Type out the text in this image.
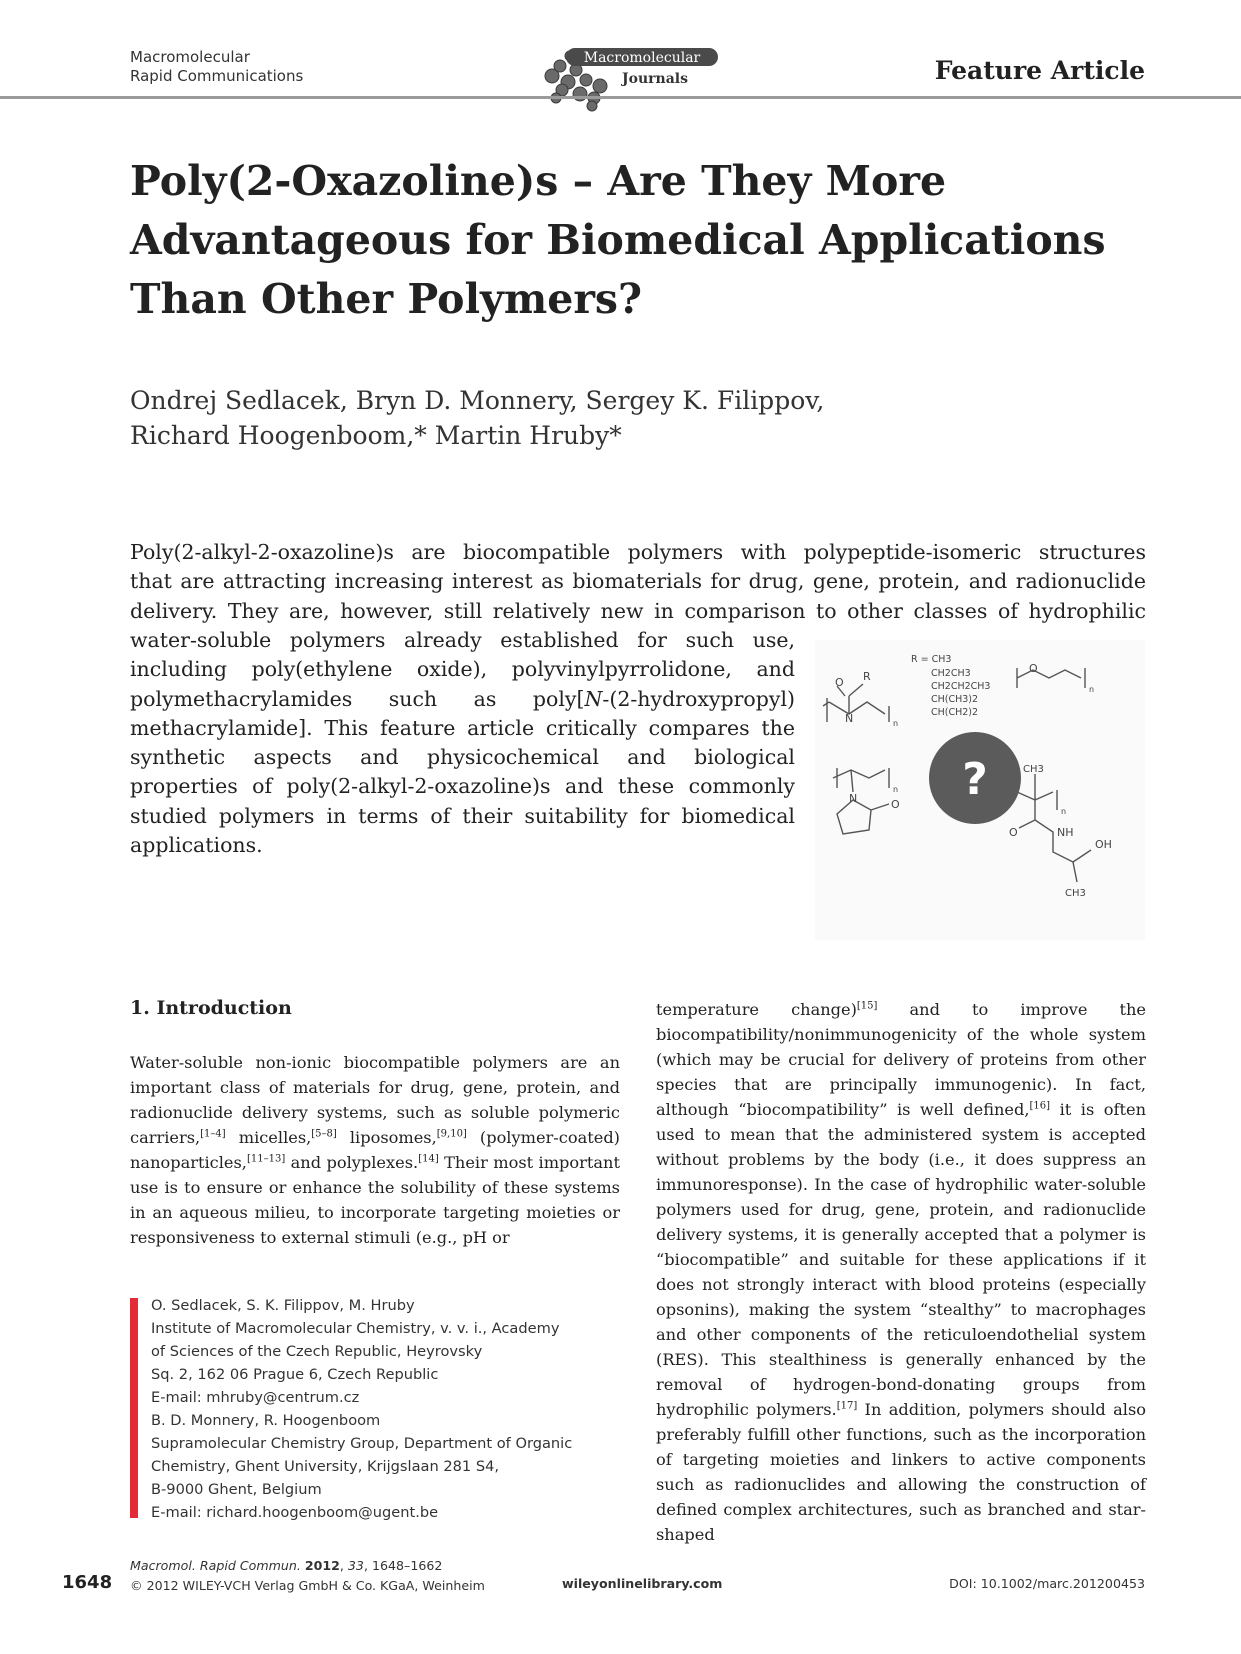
Macromolecular
Rapid Communications
Macromolecular
Journals	Feature Article
Poly(2-Oxazoline)s – Are They More Advantageous for Biomedical Applications Than Other Polymers?
Ondrej Sedlacek, Bryn D. Monnery, Sergey K. Filippov,
Richard Hoogenboom,* Martin Hruby*
Poly(2-alkyl-2-oxazoline)s are biocompatible polymers with polypeptide-isomeric structures
that are attracting increasing interest as biomaterials for drug, gene, protein, and radionuclide
delivery. They are, however, still relatively new in comparison to other classes of hydrophilic
water-soluble polymers already established for such use, including poly(ethylene oxide), polyvinylpyrrolidone, and polymethacrylamides such as poly[N-(2-hydroxypropyl) methacrylamide]. This feature article critically compares the synthetic aspects and physicochemical and biological properties of poly(2-alkyl-2-oxazoline)s and these commonly studied polymers in terms of their suitability for biomedical applications.
O R
N	n
R = CH3
CH2CH3
CH2CH2CH3
CH(CH3)2
CH(CH2)2
O
n
?
N	O
n
CH3
n
O	NH
OH
CH3
1. Introduction
Water-soluble non-ionic biocompatible polymers are an important class of materials for drug, gene, protein, and radionuclide delivery systems, such as soluble polymeric carriers,[1–4] micelles,[5–8] liposomes,[9,10] (polymer-coated) nanoparticles,[11–13] and polyplexes.[14] Their most important use is to ensure or enhance the solubility of these systems in an aqueous milieu, to incorporate targeting moieties or responsiveness to external stimuli (e.g., pH or
temperature change)[15] and to improve the biocompatibility/nonimmunogenicity of the whole system (which may be crucial for delivery of proteins from other species that are principally immunogenic). In fact, although “biocompatibility” is well defined,[16] it is often used to mean that the administered system is accepted without problems by the body (i.e., it does suppress an immunoresponse). In the case of hydrophilic water-soluble polymers used for drug, gene, protein, and radionuclide delivery systems, it is generally accepted that a polymer is “biocompatible” and suitable for these applications if it does not strongly interact with blood proteins (especially opsonins), making the system “stealthy” to macrophages and other components of the reticuloendothelial system (RES). This stealthiness is generally enhanced by the removal of hydrogen-bond-donating groups from hydrophilic polymers.[17] In addition, polymers should also preferably fulfill other functions, such as the incorporation of targeting moieties and linkers to active components such as radionuclides and allowing the construction of defined complex architectures, such as branched and star-shaped
O. Sedlacek, S. K. Filippov, M. Hruby
Institute of Macromolecular Chemistry, v. v. i., Academy
of Sciences of the Czech Republic, Heyrovsky
Sq. 2, 162 06 Prague 6, Czech Republic
E-mail: mhruby@centrum.cz
B. D. Monnery, R. Hoogenboom
Supramolecular Chemistry Group, Department of Organic
Chemistry, Ghent University, Krijgslaan 281 S4,
B-9000 Ghent, Belgium
E-mail: richard.hoogenboom@ugent.be
1648
Macromol. Rapid Commun. 2012, 33, 1648–1662
© 2012 WILEY-VCH Verlag GmbH & Co. KGaA, Weinheim	wileyonlinelibrary.com	DOI: 10.1002/marc.201200453
